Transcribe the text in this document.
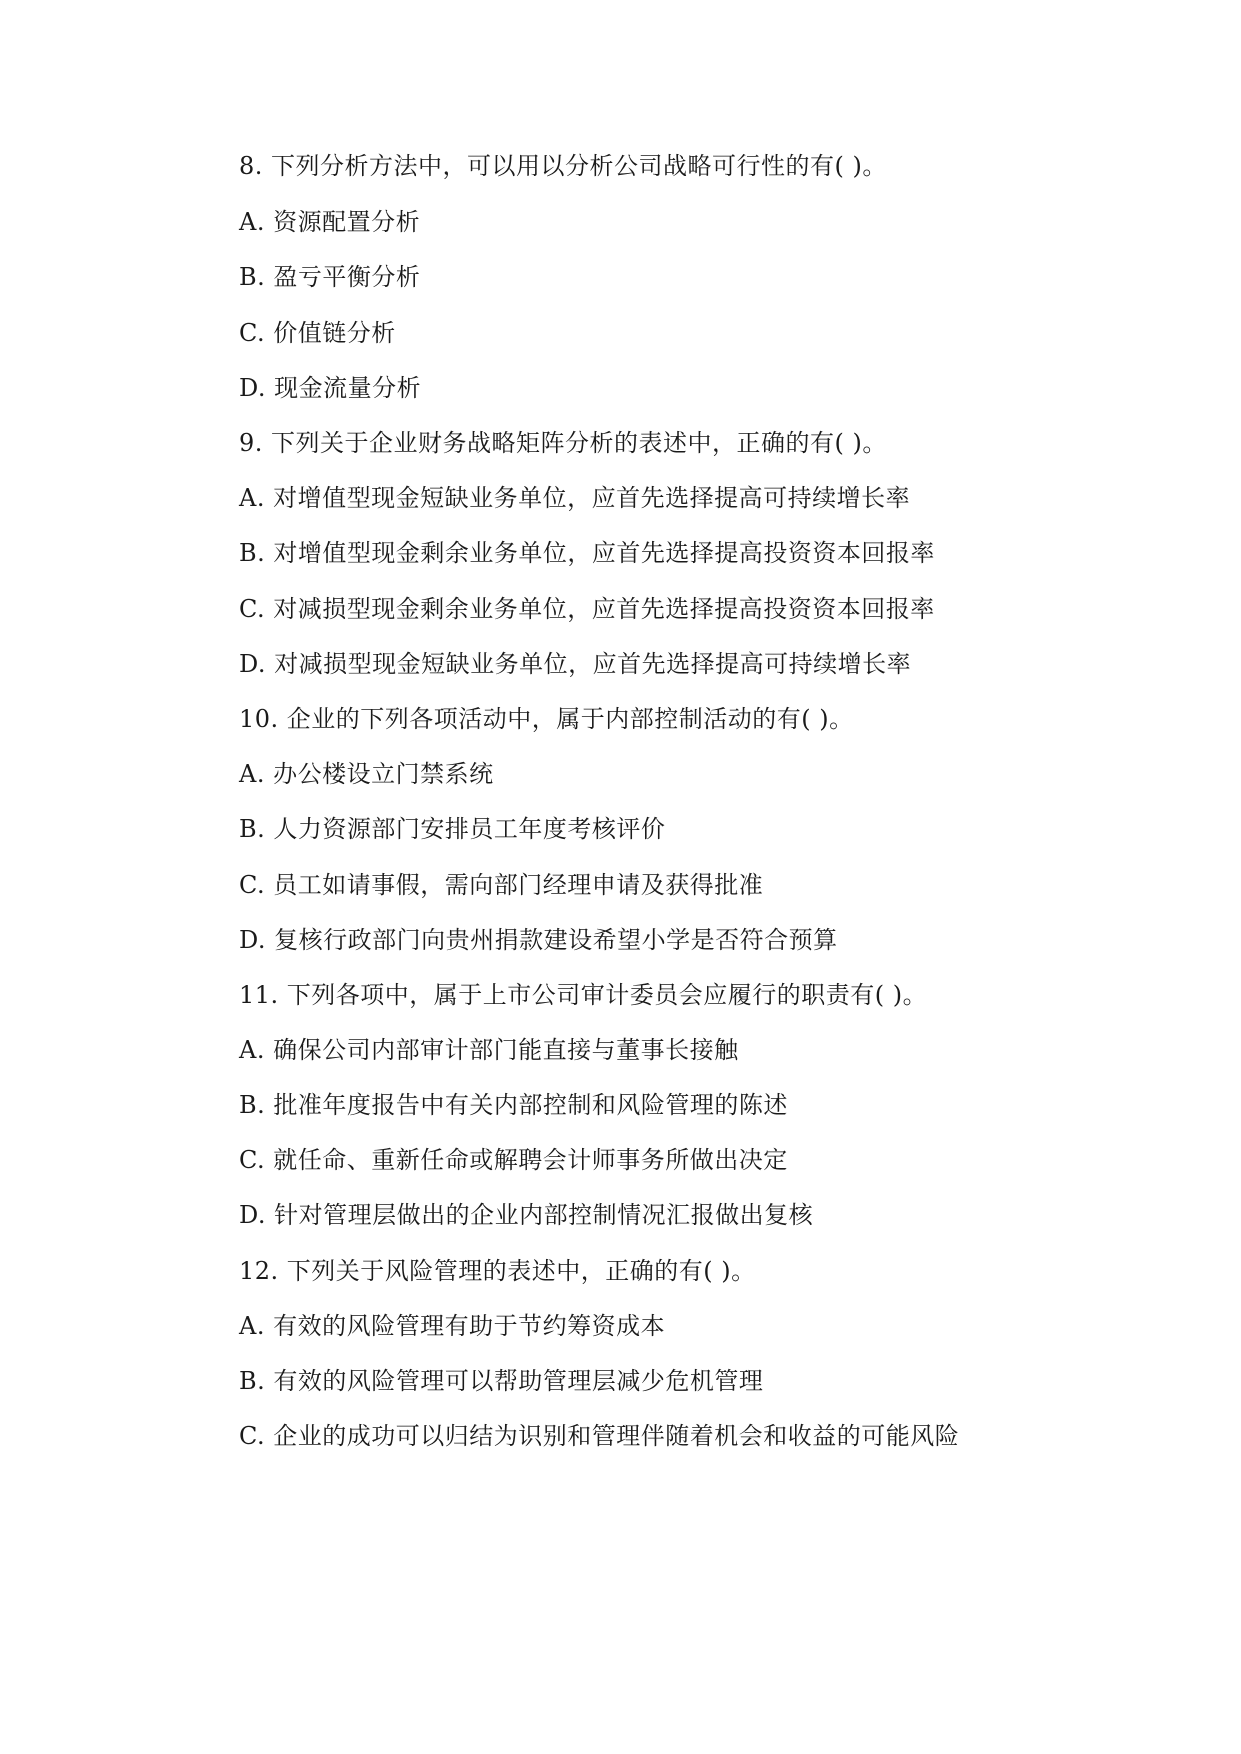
8. 下列分析方法中，可以用以分析公司战略可行性的有( )。
A. 资源配置分析
B. 盈亏平衡分析
C. 价值链分析
D. 现金流量分析
9. 下列关于企业财务战略矩阵分析的表述中，正确的有( )。
A. 对增值型现金短缺业务单位，应首先选择提高可持续增长率
B. 对增值型现金剩余业务单位，应首先选择提高投资资本回报率
C. 对减损型现金剩余业务单位，应首先选择提高投资资本回报率
D. 对减损型现金短缺业务单位，应首先选择提高可持续增长率
10. 企业的下列各项活动中，属于内部控制活动的有( )。
A. 办公楼设立门禁系统
B. 人力资源部门安排员工年度考核评价
C. 员工如请事假，需向部门经理申请及获得批准
D. 复核行政部门向贵州捐款建设希望小学是否符合预算
11. 下列各项中，属于上市公司审计委员会应履行的职责有( )。
A. 确保公司内部审计部门能直接与董事长接触
B. 批准年度报告中有关内部控制和风险管理的陈述
C. 就任命、重新任命或解聘会计师事务所做出决定
D. 针对管理层做出的企业内部控制情况汇报做出复核
12. 下列关于风险管理的表述中，正确的有( )。
A. 有效的风险管理有助于节约筹资成本
B. 有效的风险管理可以帮助管理层减少危机管理
C. 企业的成功可以归结为识别和管理伴随着机会和收益的可能风险
